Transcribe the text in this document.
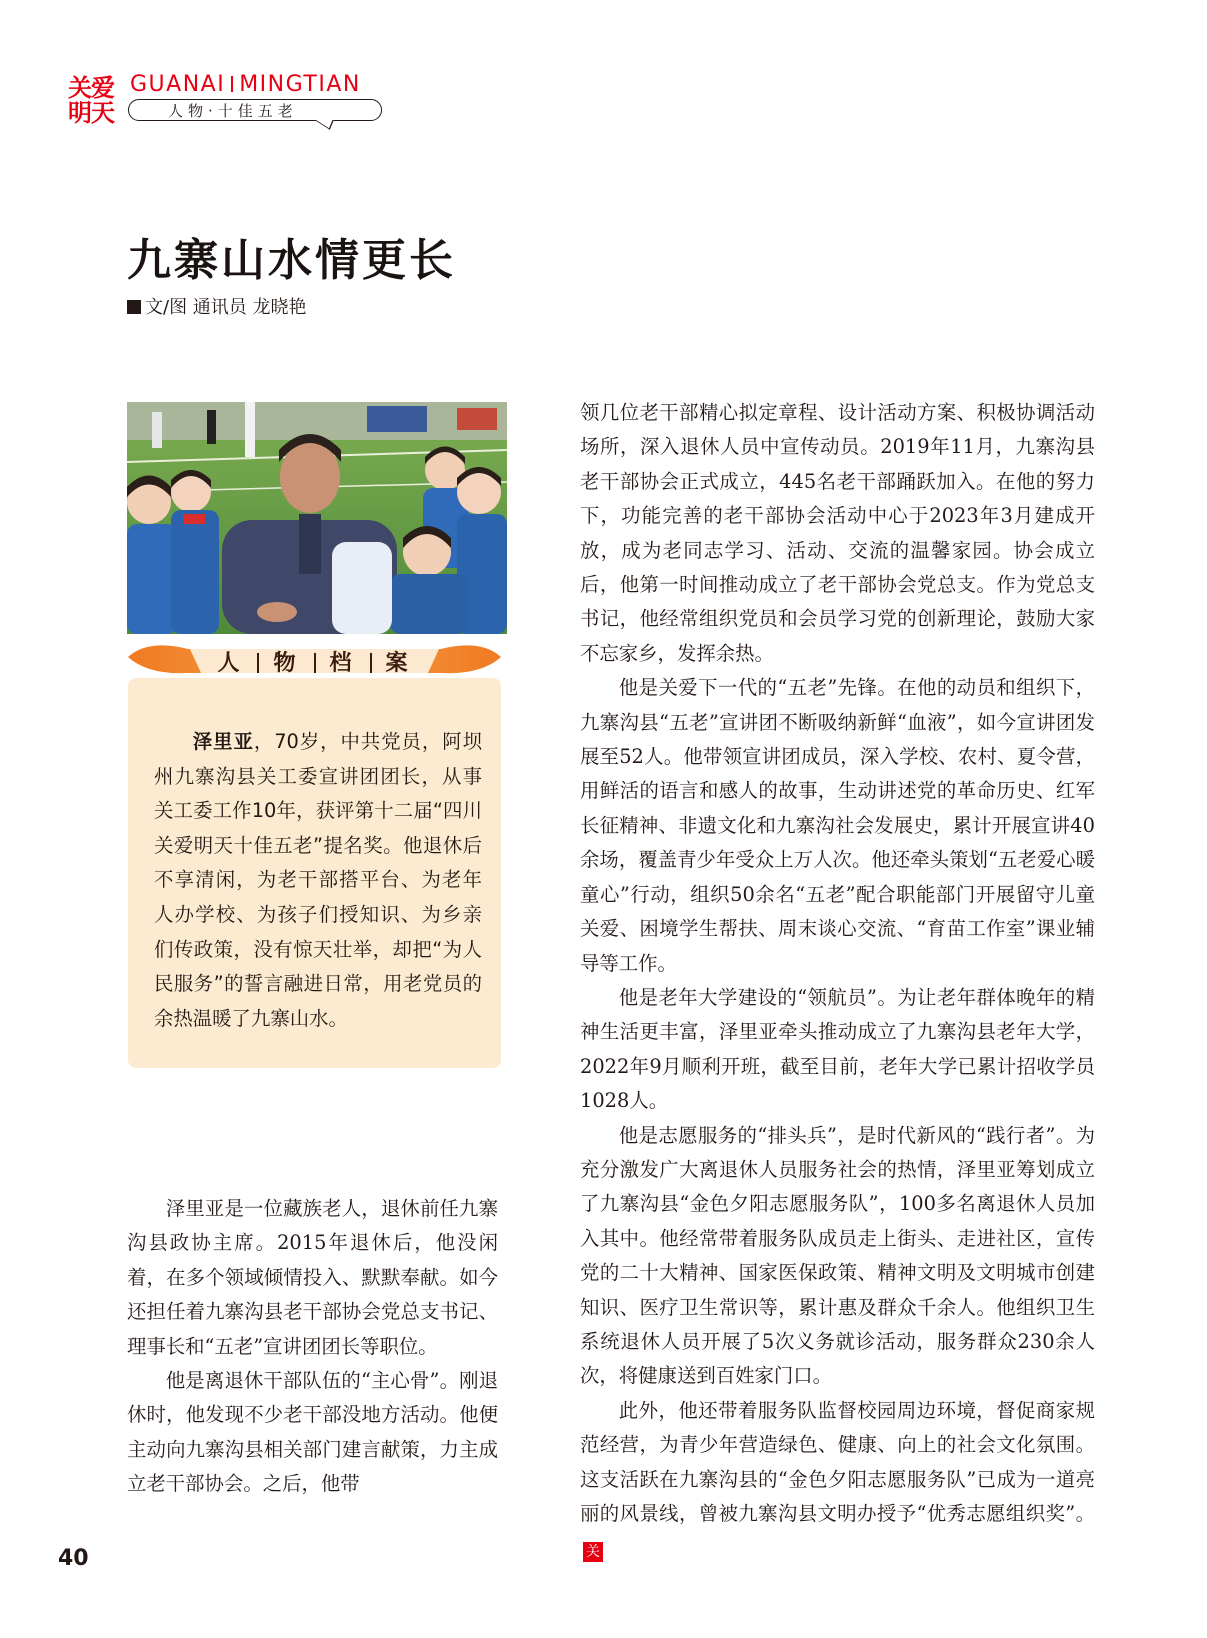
关爱明天
GUANAI MINGTIAN
人物·十佳五老
九寨山水情更长
文/图 通讯员 龙晓艳
人 物 档 案

泽里亚，70岁，中共党员，阿坝州九寨沟县关工委宣讲团团长，从事关工委工作10年，获评第十二届“四川关爱明天十佳五老”提名奖。他退休后不享清闲，为老干部搭平台、为老年人办学校、为孩子们授知识、为乡亲们传政策，没有惊天壮举，却把“为人民服务”的誓言融进日常，用老党员的余热温暖了九寨山水。

泽里亚是一位藏族老人，退休前任九寨沟县政协主席。2015年退休后，他没闲着，在多个领域倾情投入、默默奉献。如今还担任着九寨沟县老干部协会党总支书记、理事长和“五老”宣讲团团长等职位。

他是离退休干部队伍的“主心骨”。刚退休时，他发现不少老干部没地方活动。他便主动向九寨沟县相关部门建言献策，力主成立老干部协会。之后，他带

领几位老干部精心拟定章程、设计活动方案、积极协调活动场所，深入退休人员中宣传动员。2019年11月，九寨沟县老干部协会正式成立，445名老干部踊跃加入。在他的努力下，功能完善的老干部协会活动中心于2023年3月建成开放，成为老同志学习、活动、交流的温馨家园。协会成立后，他第一时间推动成立了老干部协会党总支。作为党总支书记，他经常组织党员和会员学习党的创新理论，鼓励大家不忘家乡，发挥余热。

他是关爱下一代的“五老”先锋。在他的动员和组织下，九寨沟县“五老”宣讲团不断吸纳新鲜“血液”，如今宣讲团发展至52人。他带领宣讲团成员，深入学校、农村、夏令营，用鲜活的语言和感人的故事，生动讲述党的革命历史、红军长征精神、非遗文化和九寨沟社会发展史，累计开展宣讲40余场，覆盖青少年受众上万人次。他还牵头策划“五老爱心暖童心”行动，组织50余名“五老”配合职能部门开展留守儿童关爱、困境学生帮扶、周末谈心交流、“育苗工作室”课业辅导等工作。

他是老年大学建设的“领航员”。为让老年群体晚年的精神生活更丰富，泽里亚牵头推动成立了九寨沟县老年大学，2022年9月顺利开班，截至目前，老年大学已累计招收学员1028人。

他是志愿服务的“排头兵”，是时代新风的“践行者”。为充分激发广大离退休人员服务社会的热情，泽里亚筹划成立了九寨沟县“金色夕阳志愿服务队”，100多名离退休人员加入其中。他经常带着服务队成员走上街头、走进社区，宣传党的二十大精神、国家医保政策、精神文明及文明城市创建知识、医疗卫生常识等，累计惠及群众千余人。他组织卫生系统退休人员开展了5次义务就诊活动，服务群众230余人次，将健康送到百姓家门口。

此外，他还带着服务队监督校园周边环境，督促商家规范经营，为青少年营造绿色、健康、向上的社会文化氛围。这支活跃在九寨沟县的“金色夕阳志愿服务队”已成为一道亮丽的风景线，曾被九寨沟县文明办授予“优秀志愿组织奖”。关

40
